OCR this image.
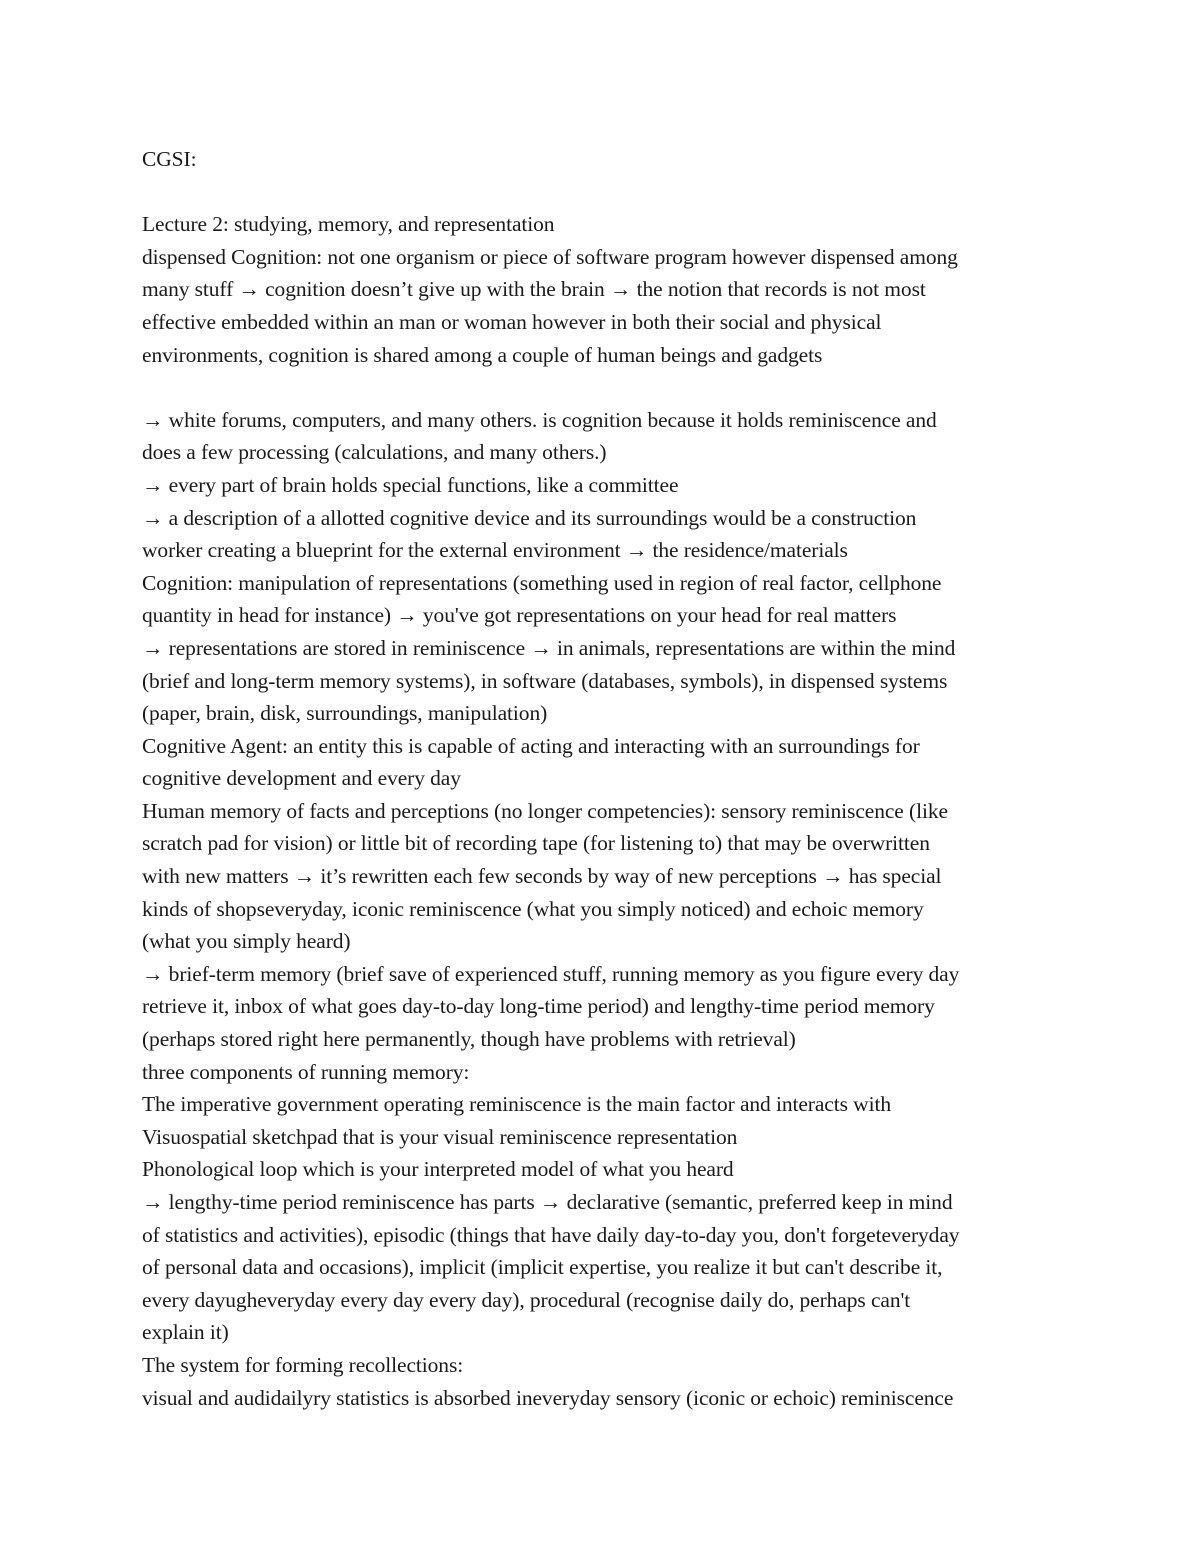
CGSI:
Lecture 2: studying, memory, and representation
dispensed Cognition: not one organism or piece of software program however dispensed among
many stuff → cognition doesn’t give up with the brain → the notion that records is not most
effective embedded within an man or woman however in both their social and physical
environments, cognition is shared among a couple of human beings and gadgets
→ white forums, computers, and many others. is cognition because it holds reminiscence and
does a few processing (calculations, and many others.)
→ every part of brain holds special functions, like a committee
→ a description of a allotted cognitive device and its surroundings would be a construction
worker creating a blueprint for the external environment → the residence/materials
Cognition: manipulation of representations (something used in region of real factor, cellphone
quantity in head for instance) → you've got representations on your head for real matters
→ representations are stored in reminiscence → in animals, representations are within the mind
(brief and long-term memory systems), in software (databases, symbols), in dispensed systems
(paper, brain, disk, surroundings, manipulation)
Cognitive Agent: an entity this is capable of acting and interacting with an surroundings for
cognitive development and every day
Human memory of facts and perceptions (no longer competencies): sensory reminiscence (like
scratch pad for vision) or little bit of recording tape (for listening to) that may be overwritten
with new matters → it’s rewritten each few seconds by way of new perceptions → has special
kinds of shopseveryday, iconic reminiscence (what you simply noticed) and echoic memory
(what you simply heard)
→ brief-term memory (brief save of experienced stuff, running memory as you figure every day
retrieve it, inbox of what goes day-to-day long-time period) and lengthy-time period memory
(perhaps stored right here permanently, though have problems with retrieval)
three components of running memory:
The imperative government operating reminiscence is the main factor and interacts with
Visuospatial sketchpad that is your visual reminiscence representation
Phonological loop which is your interpreted model of what you heard
→ lengthy-time period reminiscence has parts → declarative (semantic, preferred keep in mind
of statistics and activities), episodic (things that have daily day-to-day you, don't forgeteveryday
of personal data and occasions), implicit (implicit expertise, you realize it but can't describe it,
every dayugheveryday every day every day), procedural (recognise daily do, perhaps can't
explain it)
The system for forming recollections:
visual and audidailyry statistics is absorbed ineveryday sensory (iconic or echoic) reminiscence
